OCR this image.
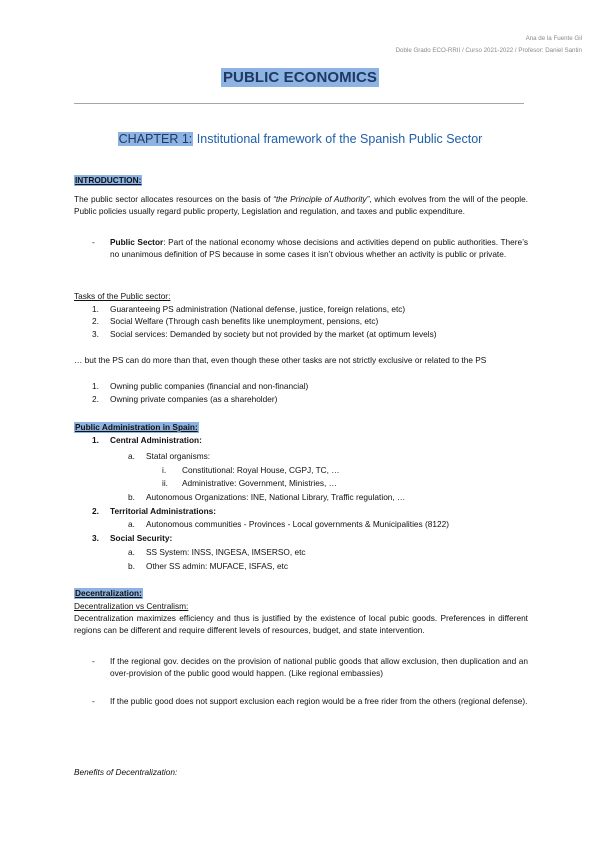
Ana de la Fuente Gil
Doble Grado ECO-RRII / Curso 2021-2022 / Profesor: Daniel Santin
PUBLIC ECONOMICS
CHAPTER 1: Institutional framework of the Spanish Public Sector
INTRODUCTION:
The public sector allocates resources on the basis of “the Principle of Authority”, which evolves from the will of the people. Public policies usually regard public property, Legislation and regulation, and taxes and public expenditure.
- Public Sector: Part of the national economy whose decisions and activities depend on public authorities. There’s no unanimous definition of PS because in some cases it isn’t obvious whether an activity is public or private.
Tasks of the Public sector:
1. Guaranteeing PS administration (National defense, justice, foreign relations, etc)
2. Social Welfare (Through cash benefits like unemployment, pensions, etc)
3. Social services: Demanded by society but not provided by the market (at optimum levels)
… but the PS can do more than that, even though these other tasks are not strictly exclusive or related to the PS
1. Owning public companies (financial and non-financial)
2. Owning private companies (as a shareholder)
Public Administration in Spain:
1. Central Administration:
a. Statal organisms:
i. Constitutional: Royal House, CGPJ, TC, …
ii. Administrative: Government, Ministries, …
b. Autonomous Organizations: INE, National Library, Traffic regulation, …
2. Territorial Administrations:
a. Autonomous communities - Provinces - Local governments & Municipalities (8122)
3. Social Security:
a. SS System: INSS, INGESA, IMSERSO, etc
b. Other SS admin: MUFACE, ISFAS, etc
Decentralization:
Decentralization vs Centralism:
Decentralization maximizes efficiency and thus is justified by the existence of local pubic goods. Preferences in different regions can be different and require different levels of resources, budget, and state intervention.
- If the regional gov. decides on the provision of national public goods that allow exclusion, then duplication and an over-provision of the public good would happen. (Like regional embassies)
- If the public good does not support exclusion each region would be a free rider from the others (regional defense).
Benefits of Decentralization:
